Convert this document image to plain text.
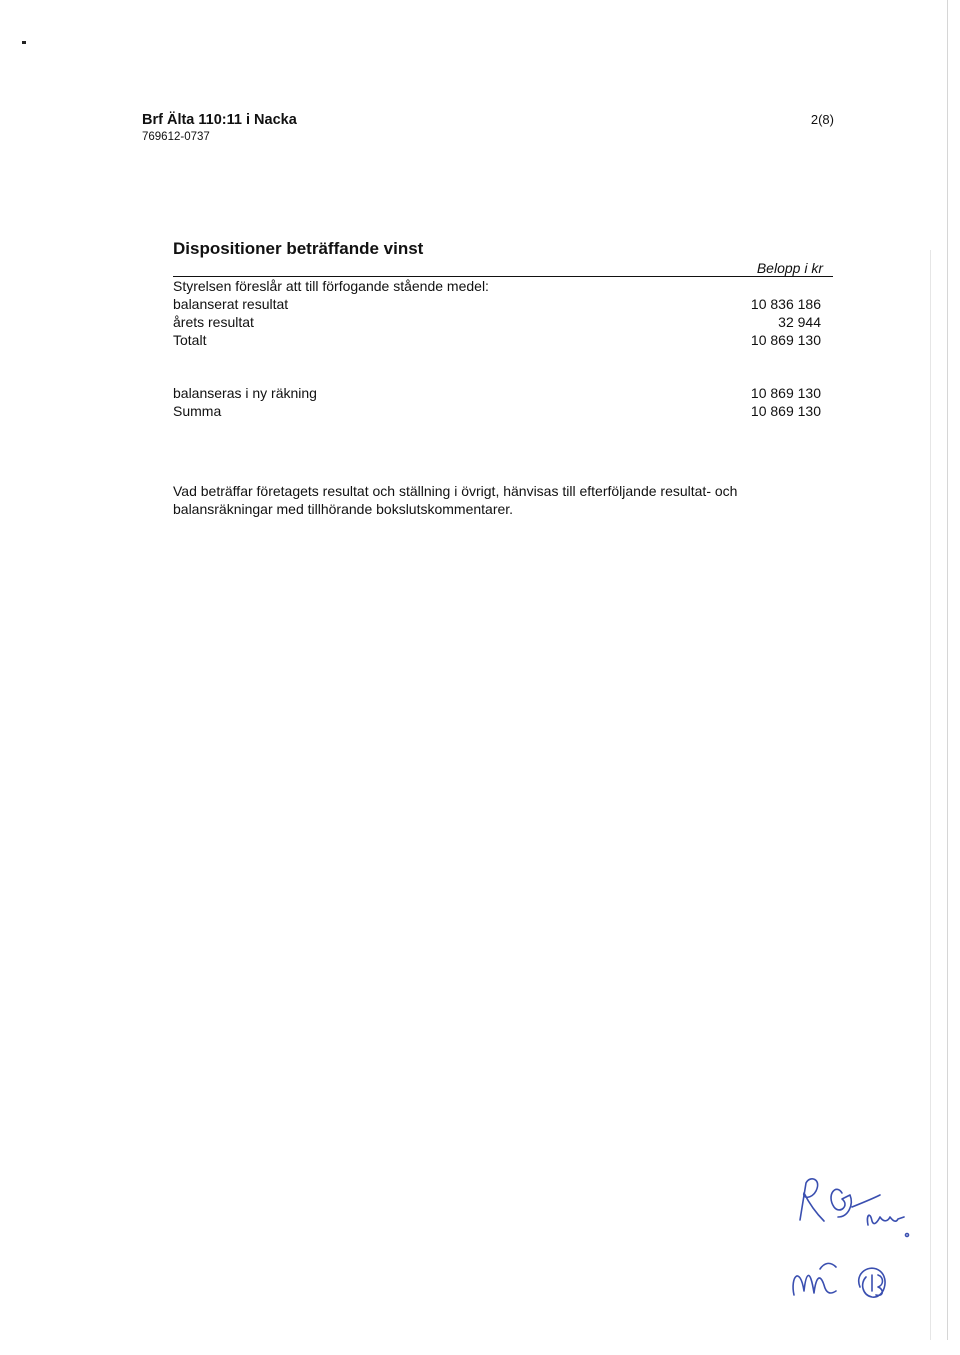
Brf Älta 110:11 i Nacka
769612-0737
2(8)
Dispositioner beträffande vinst
Belopp i kr
Styrelsen föreslår att till förfogande stående medel:
balanserat resultat	10 836 186
årets resultat	32 944
Totalt	10 869 130
balanseras i ny räkning	10 869 130
Summa	10 869 130
Vad beträffar företagets resultat och ställning i övrigt, hänvisas till efterföljande resultat- och balansräkningar med tillhörande bokslutskommentarer.
